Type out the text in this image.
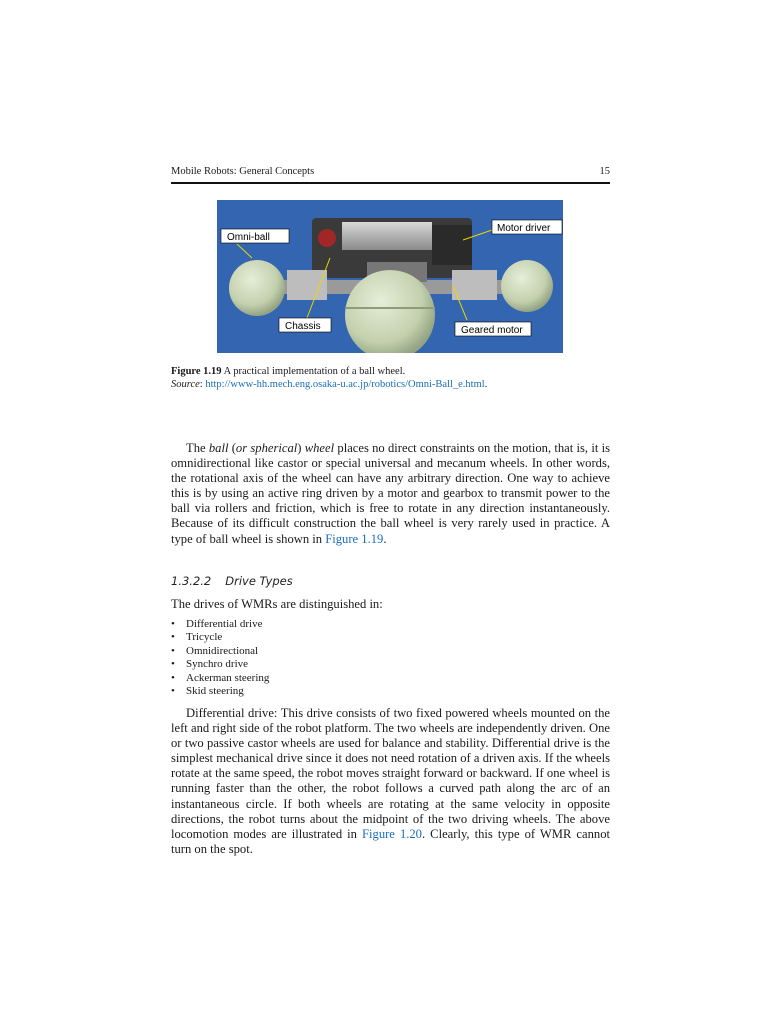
Mobile Robots: General Concepts	15
Omni-ball
Motor driver
Chassis	Geared motor
Figure 1.19 A practical implementation of a ball wheel.
Source: http://www-hh.mech.eng.osaka-u.ac.jp/robotics/Omni-Ball_e.html.

The ball (or spherical) wheel places no direct constraints on the motion, that is, it is omnidirectional like castor or special universal and mecanum wheels. In other words, the rotational axis of the wheel can have any arbitrary direction. One way to achieve this is by using an active ring driven by a motor and gearbox to transmit power to the ball via rollers and friction, which is free to rotate in any direction instantaneously. Because of its difficult construction the ball wheel is very rarely used in practice. A type of ball wheel is shown in Figure 1.19.

1.3.2.2 Drive Types
The drives of WMRs are distinguished in:
•	Differential drive
•	Tricycle
•	Omnidirectional
•	Synchro drive
•	Ackerman steering
•	Skid steering

Differential drive: This drive consists of two fixed powered wheels mounted on the left and right side of the robot platform. The two wheels are independently driven. One or two passive castor wheels are used for balance and stability. Differential drive is the simplest mechanical drive since it does not need rotation of a driven axis. If the wheels rotate at the same speed, the robot moves straight forward or backward. If one wheel is running faster than the other, the robot follows a curved path along the arc of an instantaneous circle. If both wheels are rotating at the same velocity in opposite directions, the robot turns about the midpoint of the two driving wheels. The above locomotion modes are illustrated in Figure 1.20. Clearly, this type of WMR cannot turn on the spot.
